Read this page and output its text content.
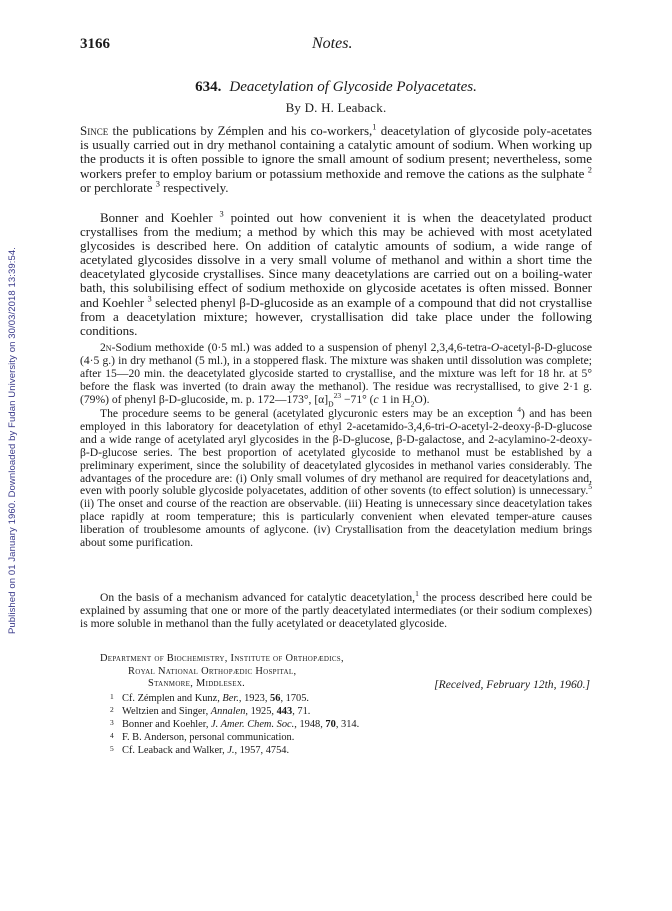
Published on 01 January 1960. Downloaded by Fudan University on 30/03/2018 13:39:54.
3166	Notes.
634. Deacetylation of Glycoside Polyacetates.
By D. H. Leaback.

Since the publications by Zémplen and his co-workers,$^1$ deacetylation of glycoside poly-acetates is usually carried out in dry methanol containing a catalytic amount of sodium. When working up the products it is often possible to ignore the small amount of sodium present; nevertheless, some workers prefer to employ barium or potassium methoxide and remove the cations as the sulphate $^2$ or perchlorate $^3$ respectively.

Bonner and Koehler $^3$ pointed out how convenient it is when the deacetylated product crystallises from the medium; a method by which this may be achieved with most acetylated glycosides is described here. On addition of catalytic amounts of sodium, a wide range of acetylated glycosides dissolve in a very small volume of methanol and within a short time the deacetylated glycoside crystallises. Since many deacetylations are carried out on a boiling-water bath, this solubilising effect of sodium methoxide on glycoside acetates is often missed. Bonner and Koehler $^3$ selected phenyl β-D-glucoside as an example of a compound that did not crystallise from a deacetylation mixture; however, crystallisation did take place under the following conditions.

2n-Sodium methoxide (0·5 ml.) was added to a suspension of phenyl 2,3,4,6-tetra-O-acetyl-β-D-glucose (4·5 g.) in dry methanol (5 ml.), in a stoppered flask. The mixture was shaken until dissolution was complete; after 15—20 min. the deacetylated glycoside started to crystallise, and the mixture was left for 18 hr. at 5° before the flask was inverted (to drain away the methanol). The residue was recrystallised, to give 2·1 g. (79%) of phenyl β-D-glucoside, m. p. 172—173°, $[\alpha]_D^{23} -71^\circ$ (c 1 in $H_2O$).

The procedure seems to be general (acetylated glycuronic esters may be an exception $^4$) and has been employed in this laboratory for deacetylation of ethyl 2-acetamido-3,4,6-tri-O-acetyl-2-deoxy-β-D-glucose and a wide range of acetylated aryl glycosides in the β-D-glucose, β-D-galactose, and 2-acylamino-2-deoxy-β-D-glucose series. The best proportion of acetylated glycoside to methanol must be established by a preliminary experiment, since the solubility of deacetylated glycosides in methanol varies considerably. The advantages of the procedure are: (i) Only small volumes of dry methanol are required for deacetylations and, even with poorly soluble glycoside polyacetates, addition of other sovents (to effect solution) is unnecessary.$^5$ (ii) The onset and course of the reaction are observable. (iii) Heating is unnecessary since deacetylation takes place rapidly at room temperature; this is particularly convenient when elevated temper-ature causes liberation of troublesome amounts of aglycone. (iv) Crystallisation from the deacetylation medium brings about some purification.

On the basis of a mechanism advanced for catalytic deacetylation,$^1$ the process described here could be explained by assuming that one or more of the partly deacetylated intermediates (or their sodium complexes) is more soluble in methanol than the fully acetylated or deacetylated glycoside.

Department of Biochemistry, Institute of Orthopædics,
Royal National Orthopædic Hospital,
Stanmore, Middlesex.	[Received, February 12th, 1960.]
1 Cf. Zémplen and Kunz, Ber., 1923, 56, 1705.
2 Weltzien and Singer, Annalen, 1925, 443, 71.
3 Bonner and Koehler, J. Amer. Chem. Soc., 1948, 70, 314.
4 F. B. Anderson, personal communication.
5 Cf. Leaback and Walker, J., 1957, 4754.
